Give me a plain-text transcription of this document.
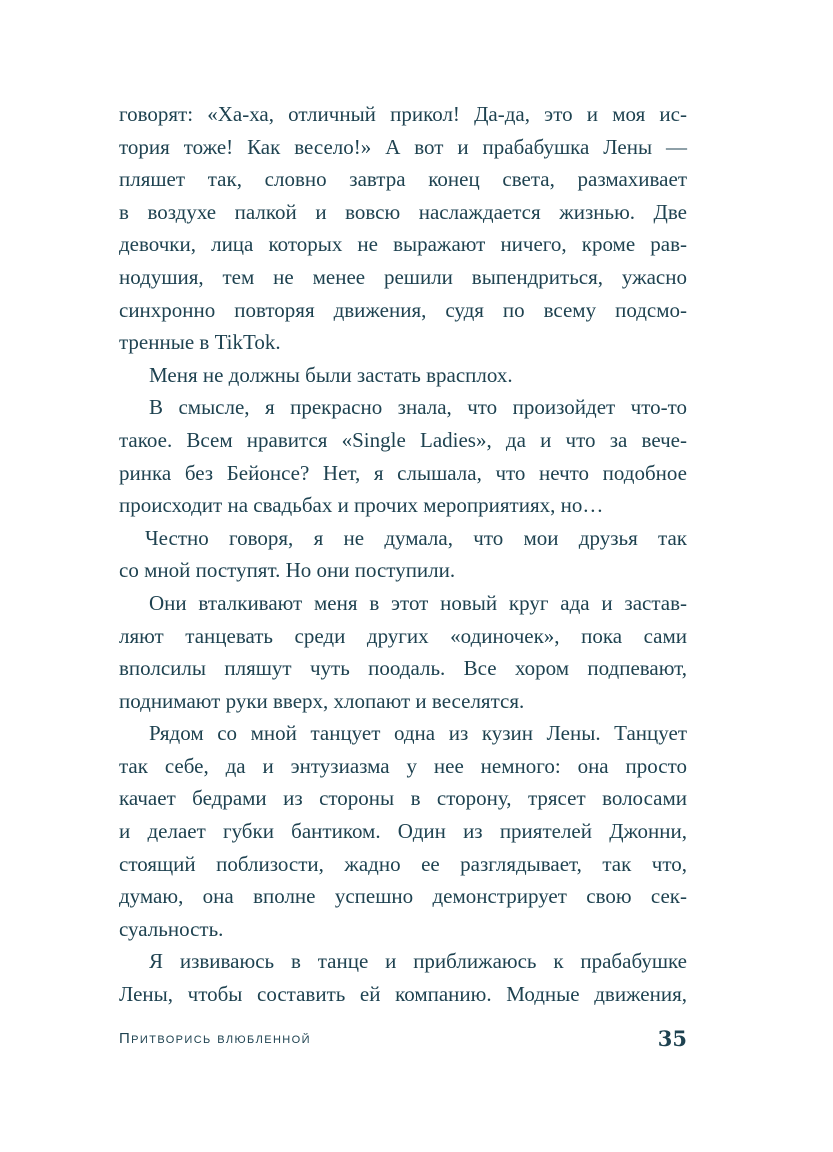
говорят: «Ха-ха, отличный прикол! Да-да, это и моя ис-
тория тоже! Как весело!» А вот и прабабушка Лены —
пляшет так, словно завтра конец света, размахивает
в воздухе палкой и вовсю наслаждается жизнью. Две
девочки, лица которых не выражают ничего, кроме рав-
нодушия, тем не менее решили выпендриться, ужасно
синхронно повторяя движения, судя по всему подсмо-
тренные в TikTok.
Меня не должны были застать врасплох.
В смысле, я прекрасно знала, что произойдет что-то
такое. Всем нравится «Single Ladies», да и что за вече-
ринка без Бейонсе? Нет, я слышала, что нечто подобное
происходит на свадьбах и прочих мероприятиях, но…
Честно говоря, я не думала, что мои друзья так
со мной поступят. Но они поступили.
Они вталкивают меня в этот новый круг ада и застав-
ляют танцевать среди других «одиночек», пока сами
вполсилы пляшут чуть поодаль. Все хором подпевают,
поднимают руки вверх, хлопают и веселятся.
Рядом со мной танцует одна из кузин Лены. Танцует
так себе, да и энтузиазма у нее немного: она просто
качает бедрами из стороны в сторону, трясет волосами
и делает губки бантиком. Один из приятелей Джонни,
стоящий поблизости, жадно ее разглядывает, так что,
думаю, она вполне успешно демонстрирует свою сек-
суальность.
Я извиваюсь в танце и приближаюсь к прабабушке
Лены, чтобы составить ей компанию. Модные движения,
Притворись влюбленной	35
